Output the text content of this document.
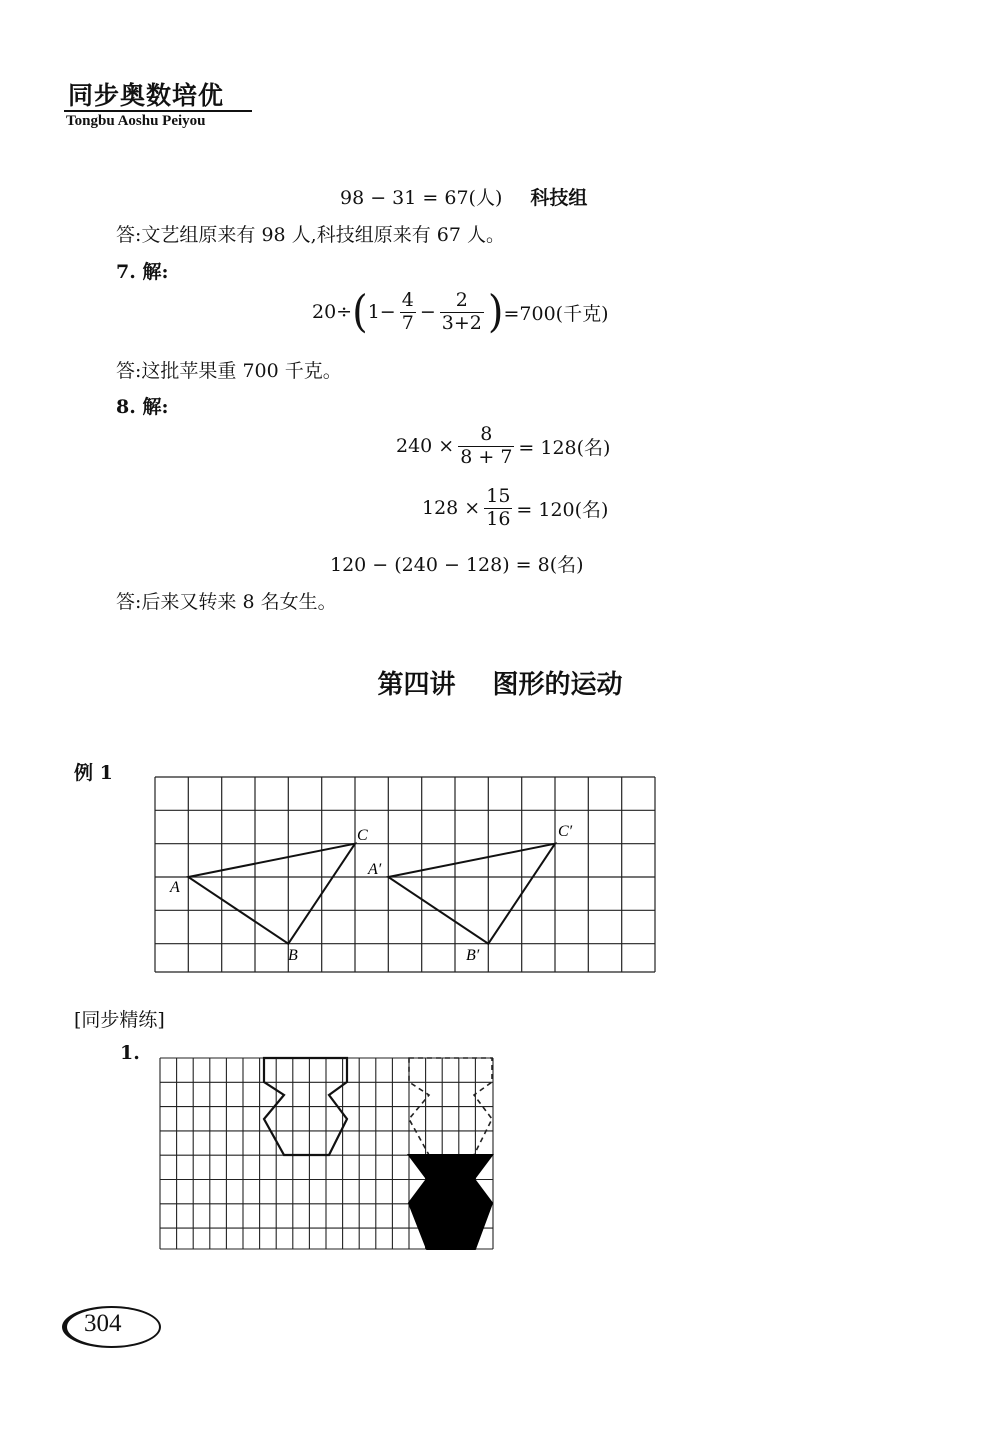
同步奥数培优
Tongbu Aoshu Peiyou
98 − 31 = 67(人) 科技组
答:文艺组原来有 98 人,科技组原来有 67 人。
7. 解:
20÷ ( $1- \frac{4}{7} - \frac{2}{3+2}$ ) =700(千克)
答:这批苹果重 700 千克。
8. 解:
$240 \times \frac{8}{8 + 7} = 128$(名)
$128 \times \frac{15}{16} = 120$(名)
120 − (240 − 128) = 8(名)
答:后来又转来 8 名女生。
第四讲 图形的运动
例 1
A
B
C
A′
B′
C′
[同步精练]
1.
304
